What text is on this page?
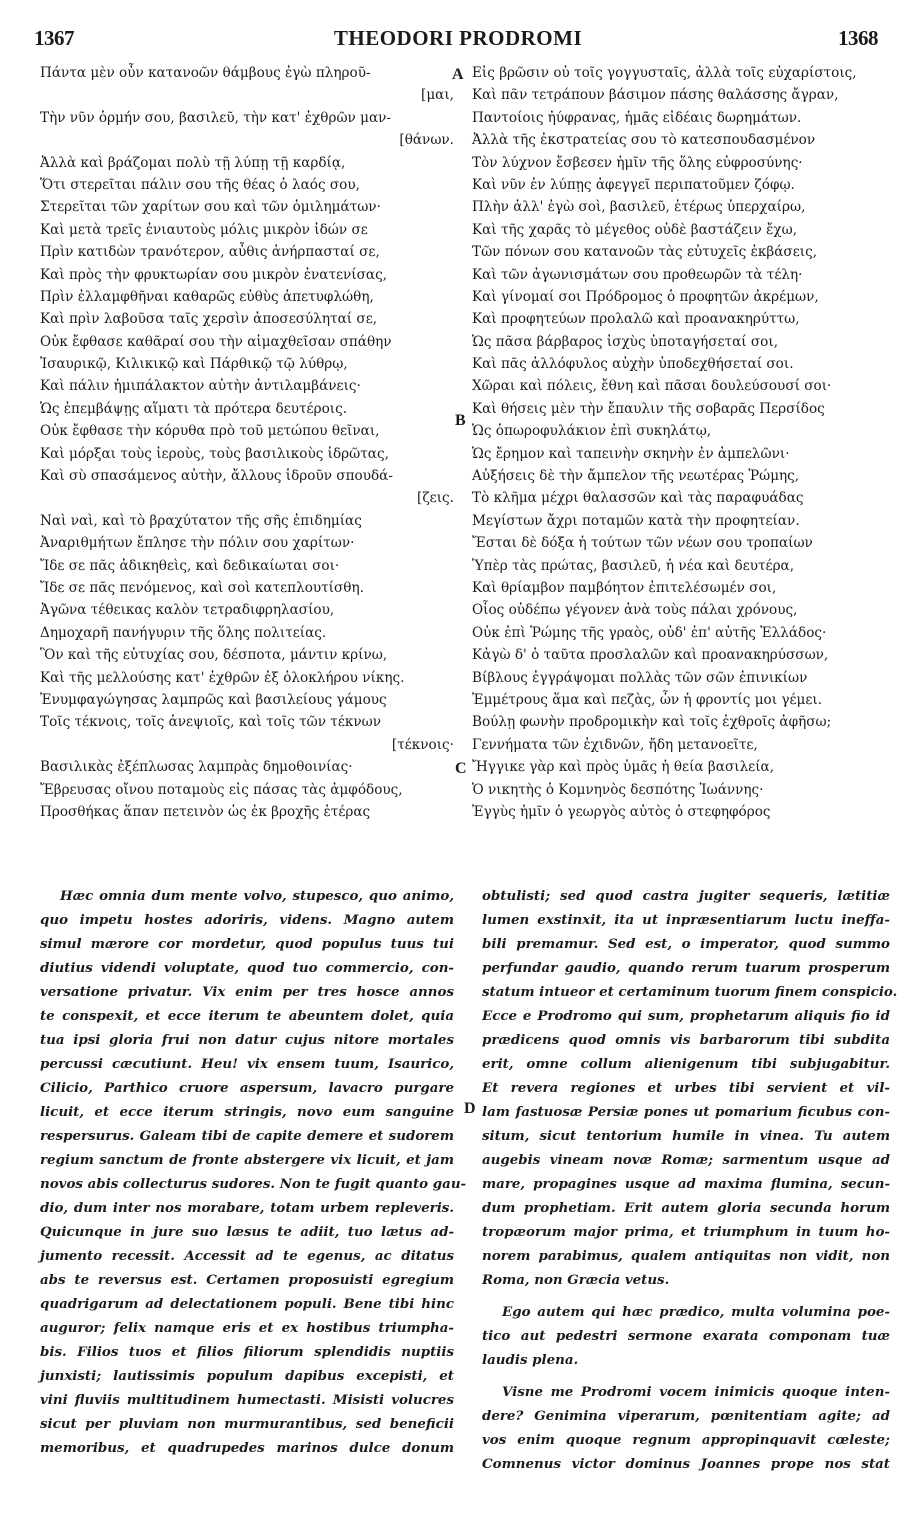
1367	THEODORI PRODROMI	1368
A
B
C
D
Πάντα μὲν οὖν κατανοῶν θάμβους ἐγὼ πληροῦ-
[μαι,
Τὴν νῦν ὁρμήν σου, βασιλεῦ, τὴν κατ' ἐχθρῶν μαν-
[θάνων.
Ἀλλὰ καὶ βράζομαι πολὺ τῇ λύπῃ τῇ καρδίᾳ,
Ὅτι στερεῖται πάλιν σου τῆς θέας ὁ λαός σου,
Στερεῖται τῶν χαρίτων σου καὶ τῶν ὁμιλημάτων·
Καὶ μετὰ τρεῖς ἐνιαυτοὺς μόλις μικρὸν ἰδών σε
Πρὶν κατιδὼν τρανότερον, αὖθις ἀνήρπασταί σε,
Καὶ πρὸς τὴν φρυκτωρίαν σου μικρὸν ἐνατενίσας,
Πρὶν ἐλλαμφθῆναι καθαρῶς εὐθὺς ἀπετυφλώθη,
Καὶ πρὶν λαβοῦσα ταῖς χερσὶν ἀποσεσύληταί σε,
Οὐκ ἔφθασε καθᾶραί σου τὴν αἱμαχθεῖσαν σπάθην
Ἰσαυρικῷ, Κιλικικῷ καὶ Πάρθικῷ τῷ λύθρῳ,
Καὶ πάλιν ἡμιπάλακτον αὐτὴν ἀντιλαμβάνεις·
Ὡς ἐπεμβάψῃς αἵματι τὰ πρότερα δευτέροις.
Οὐκ ἔφθασε τὴν κόρυθα πρὸ τοῦ μετώπου θεῖναι,
Καὶ μόρξαι τοὺς ἱεροὺς, τοὺς βασιλικοὺς ἱδρῶτας,
Καὶ σὺ σπασάμενος αὐτὴν, ἄλλους ἱδροῦν σπουδά-
[ζεις.
Ναὶ ναὶ, καὶ τὸ βραχύτατον τῆς σῆς ἐπιδημίας
Ἀναριθμήτων ἔπλησε τὴν πόλιν σου χαρίτων·
Ἴδε σε πᾶς ἀδικηθεὶς, καὶ δεδικαίωται σοι·
Ἴδε σε πᾶς πενόμενος, καὶ σοὶ κατεπλουτίσθη.
Ἀγῶνα τέθεικας καλὸν τετραδιφρηλασίου,
Δημοχαρῆ πανήγυριν τῆς ὅλης πολιτείας.
Ὃν καὶ τῆς εὐτυχίας σου, δέσποτα, μάντιν κρίνω,
Καὶ τῆς μελλούσης κατ' ἐχθρῶν ἐξ ὁλοκλήρου νίκης.
Ἐνυμφαγώγησας λαμπρῶς καὶ βασιλείους γάμους
Τοῖς τέκνοις, τοῖς ἀνεψιοῖς, καὶ τοῖς τῶν τέκνων
[τέκνοις·
Βασιλικὰς ἐξέπλωσας λαμπρὰς δημοθοινίας·
Ἔβρευσας οἴνου ποταμοὺς εἰς πάσας τὰς ἀμφόδους,
Προσθήκας ἅπαν πετεινὸν ὡς ἐκ βροχῆς ἑτέρας
Εἰς βρῶσιν οὐ τοῖς γογγυσταῖς, ἀλλὰ τοῖς εὐχαρίστοις,
Καὶ πᾶν τετράπουν βάσιμον πάσης θαλάσσης ἄγραν,
Παντοίοις ἠύφρανας, ἡμᾶς εἰδέαις δωρημάτων.
Ἀλλὰ τῆς ἐκστρατείας σου τὸ κατεσπουδασμένον
Τὸν λύχνον ἔσβεσεν ἡμῖν τῆς ὅλης εὐφροσύνης·
Καὶ νῦν ἐν λύπῃς ἀφεγγεῖ περιπατοῦμεν ζόφῳ.
Πλὴν ἀλλ' ἐγὼ σοὶ, βασιλεῦ, ἑτέρως ὑπερχαίρω,
Καὶ τῆς χαρᾶς τὸ μέγεθος οὐδὲ βαστάζειν ἔχω,
Τῶν πόνων σου κατανοῶν τὰς εὐτυχεῖς ἐκβάσεις,
Καὶ τῶν ἀγωνισμάτων σου προθεωρῶν τὰ τέλη·
Καὶ γίνομαί σοι Πρόδρομος ὁ προφητῶν ἀκρέμων,
Καὶ προφητεύων προλαλῶ καὶ προανακηρύττω,
Ὡς πᾶσα βάρβαρος ἰσχὺς ὑποταγήσεταί σοι,
Καὶ πᾶς ἀλλόφυλος αὐχὴν ὑποδεχθήσεταί σοι.
Χῶραι καὶ πόλεις, ἔθνη καὶ πᾶσαι δουλεύσουσί σοι·
Καὶ θήσεις μὲν τὴν ἔπαυλιν τῆς σοβαρᾶς Περσίδος
Ὡς ὀπωροφυλάκιον ἐπὶ συκηλάτῳ,
Ὡς ἔρημον καὶ ταπεινὴν σκηνὴν ἐν ἀμπελῶνι·
Αὐξήσεις δὲ τὴν ἄμπελον τῆς νεωτέρας Ῥώμης,
Τὸ κλῆμα μέχρι θαλασσῶν καὶ τὰς παραφυάδας
Μεγίστων ἄχρι ποταμῶν κατὰ τὴν προφητείαν.
Ἔσται δὲ δόξα ἡ τούτων τῶν νέων σου τροπαίων
Ὑπὲρ τὰς πρώτας, βασιλεῦ, ἡ νέα καὶ δευτέρα,
Καὶ θρίαμβον παμβόητον ἐπιτελέσωμέν σοι,
Οἷος οὐδέπω γέγονεν ἀνὰ τοὺς πάλαι χρόνους,
Οὐκ ἐπὶ Ῥώμης τῆς γραὸς, οὐδ' ἐπ' αὐτῆς Ἑλλάδος·
Κἀγὼ δ' ὁ ταῦτα προσλαλῶν καὶ προανακηρύσσων,
Βίβλους ἐγγράψομαι πολλὰς τῶν σῶν ἐπινικίων
Ἐμμέτρους ἅμα καὶ πεζὰς, ὧν ἡ φροντίς μοι γέμει.
Βούλῃ φωνὴν προδρομικὴν καὶ τοῖς ἐχθροῖς ἀφῆσω;
Γεννήματα τῶν ἐχιδνῶν, ἤδη μετανοεῖτε,
Ἤγγικε γὰρ καὶ πρὸς ὑμᾶς ἡ θεία βασιλεία,
Ὁ νικητὴς ὁ Κομνηνὸς δεσπότης Ἰωάννης·
Ἐγγὺς ἡμῖν ὁ γεωργὸς αὐτὸς ὁ στεφηφόρος
Hæc omnia dum mente volvo, stupesco, quo animo,
quo impetu hostes adoriris, videns. Magno autem
simul mærore cor mordetur, quod populus tuus tui
diutius videndi voluptate, quod tuo commercio, con-
versatione privatur. Vix enim per tres hosce annos
te conspexit, et ecce iterum te abeuntem dolet, quia
tua ipsi gloria frui non datur cujus nitore mortales
percussi cæcutiunt. Heu! vix ensem tuum, Isaurico,
Cilicio, Parthico cruore aspersum, lavacro purgare
licuit, et ecce iterum stringis, novo eum sanguine
respersurus. Galeam tibi de capite demere et sudorem
regium sanctum de fronte abstergere vix licuit, et jam
novos abis collecturus sudores. Non te fugit quanto gau-
dio, dum inter nos morabare, totam urbem repleveris.
Quicunque in jure suo læsus te adiit, tuo lætus ad-
jumento recessit. Accessit ad te egenus, ac ditatus
abs te reversus est. Certamen proposuisti egregium
quadrigarum ad delectationem populi. Bene tibi hinc
auguror; felix namque eris et ex hostibus triumpha-
bis. Filios tuos et filios filiorum splendidis nuptiis
junxisti; lautissimis populum dapibus excepisti, et
vini fluviis multitudinem humectasti. Misisti volucres
sicut per pluviam non murmurantibus, sed beneficii
memoribus, et quadrupedes marinos dulce donum
obtulisti; sed quod castra jugiter sequeris, lætitiæ
lumen exstinxit, ita ut inpræsentiarum luctu ineffa-
bili premamur. Sed est, o imperator, quod summo
perfundar gaudio, quando rerum tuarum prosperum
statum intueor et certaminum tuorum finem conspicio.
Ecce e Prodromo qui sum, prophetarum aliquis fio id
prædicens quod omnis vis barbarorum tibi subdita
erit, omne collum alienigenum tibi subjugabitur.
Et revera regiones et urbes tibi servient et vil-
lam fastuosæ Persiæ pones ut pomarium ficubus con-
situm, sicut tentorium humile in vinea. Tu autem
augebis vineam novæ Romæ; sarmentum usque ad
mare, propagines usque ad maxima flumina, secun-
dum prophetiam. Erit autem gloria secunda horum
tropæorum major prima, et triumphum in tuum ho-
norem parabimus, qualem antiquitas non vidit, non
Roma, non Græcia vetus.
Ego autem qui hæc prædico, multa volumina poe-
tico aut pedestri sermone exarata componam tuæ
laudis plena.
Visne me Prodromi vocem inimicis quoque inten-
dere? Genimina viperarum, pœnitentiam agite; ad
vos enim quoque regnum appropinquavit cœleste;
Comnenus victor dominus Joannes prope nos stat
